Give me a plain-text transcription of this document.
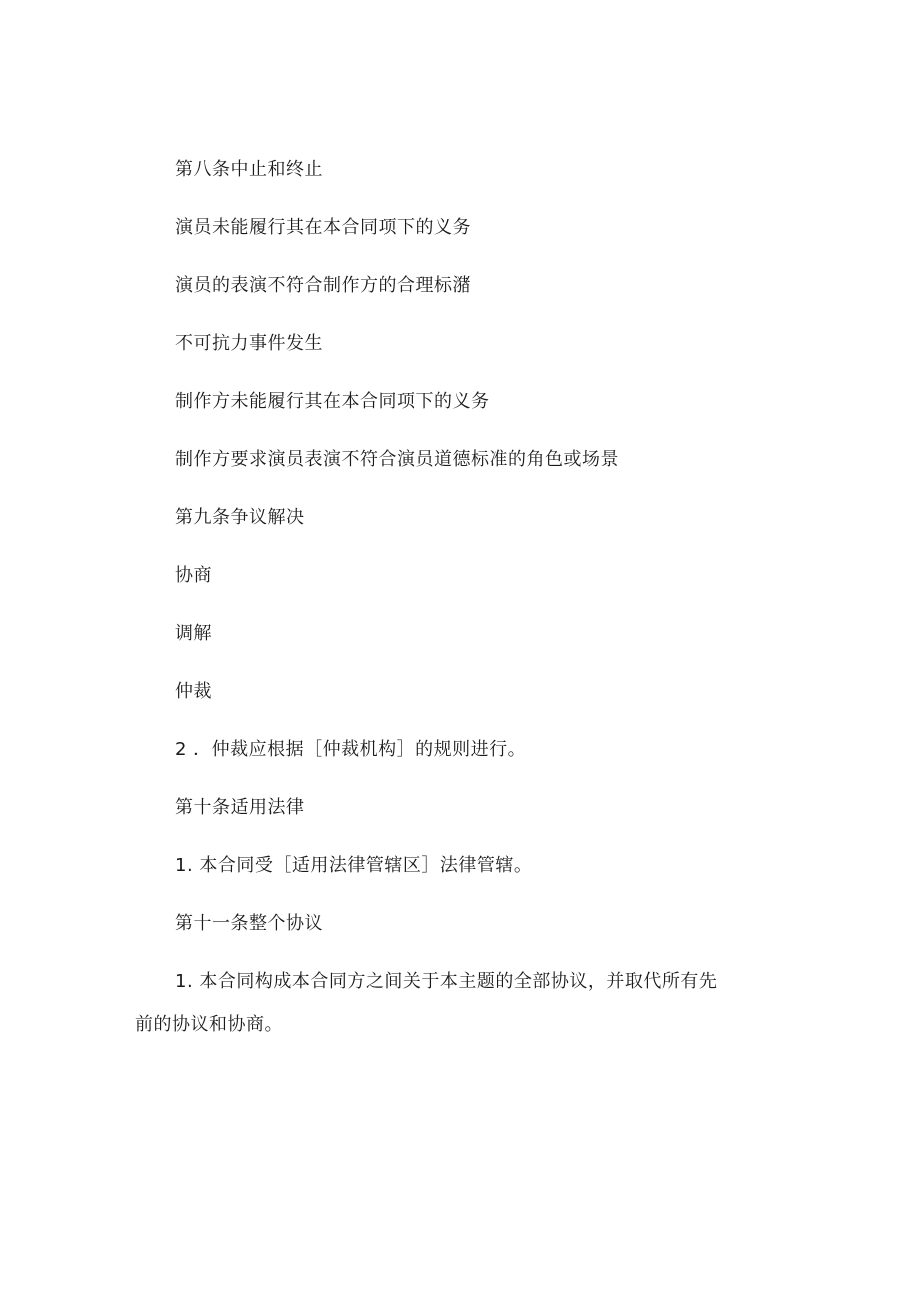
第八条中止和终止
演员未能履行其在本合同项下的义务
演员的表演不符合制作方的合理标潴
不可抗力事件发生
制作方未能履行其在本合同项下的义务
制作方要求演员表演不符合演员道德标准的角色或场景
第九条争议解决
协商
调解
仲裁
2 ．仲裁应根据［仲裁机构］的规则进行。
第十条适用法律
1. 本合同受［适用法律管辖区］法律管辖。
第十一条整个协议
1. 本合同构成本合同方之间关于本主题的全部协议，并取代所有先
前的协议和协商。
